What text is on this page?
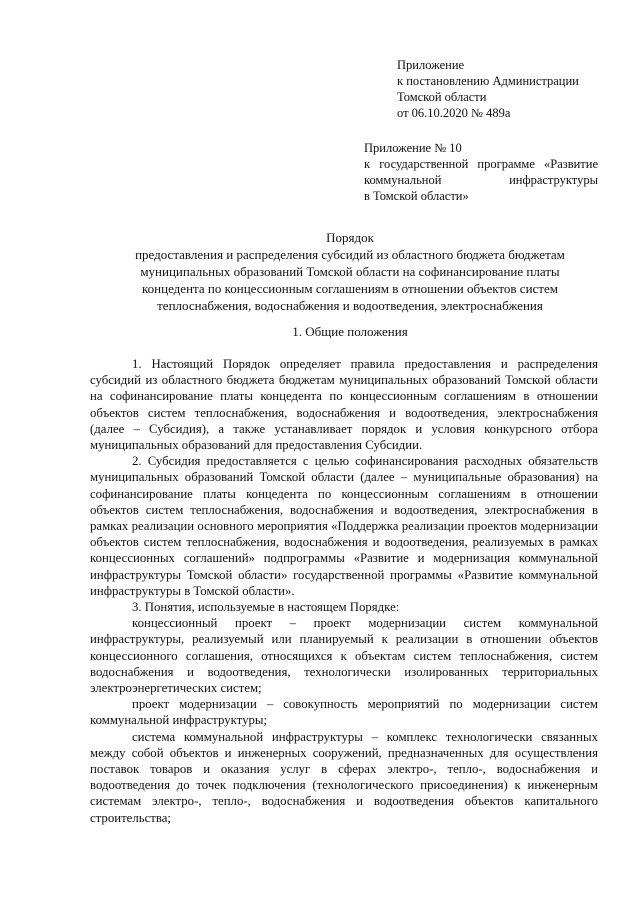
Приложение
к постановлению Администрации
Томской области
от 06.10.2020 № 489а
Приложение № 10
к государственной программе «Развитие
коммунальной инфраструктуры
в Томской области»
Порядок
предоставления и распределения субсидий из областного бюджета бюджетам
муниципальных образований Томской области на софинансирование платы
концедента по концессионным соглашениям в отношении объектов систем
теплоснабжения, водоснабжения и водоотведения, электроснабжения
1. Общие положения

1. Настоящий Порядок определяет правила предоставления и распределения субсидий из областного бюджета бюджетам муниципальных образований Томской области на софинансирование платы концедента по концессионным соглашениям в отношении объектов систем теплоснабжения, водоснабжения и водоотведения, электроснабжения (далее – Субсидия), а также устанавливает порядок и условия конкурсного отбора муниципальных образований для предоставления Субсидии.

2. Субсидия предоставляется с целью софинансирования расходных обязательств муниципальных образований Томской области (далее – муниципальные образования) на софинансирование платы концедента по концессионным соглашениям в отношении объектов систем теплоснабжения, водоснабжения и водоотведения, электроснабжения в рамках реализации основного мероприятия «Поддержка реализации проектов модернизации объектов систем теплоснабжения, водоснабжения и водоотведения, реализуемых в рамках концессионных соглашений» подпрограммы «Развитие и модернизация коммунальной инфраструктуры Томской области» государственной программы «Развитие коммунальной инфраструктуры в Томской области».

3. Понятия, используемые в настоящем Порядке:

концессионный проект – проект модернизации систем коммунальной инфраструктуры, реализуемый или планируемый к реализации в отношении объектов концессионного соглашения, относящихся к объектам систем теплоснабжения, систем водоснабжения и водоотведения, технологически изолированных территориальных электроэнергетических систем;

проект модернизации – совокупность мероприятий по модернизации систем коммунальной инфраструктуры;

система коммунальной инфраструктуры – комплекс технологически связанных между собой объектов и инженерных сооружений, предназначенных для осуществления поставок товаров и оказания услуг в сферах электро-, тепло-, водоснабжения и водоотведения до точек подключения (технологического присоединения) к инженерным системам электро-, тепло-, водоснабжения и водоотведения объектов капитального строительства;
